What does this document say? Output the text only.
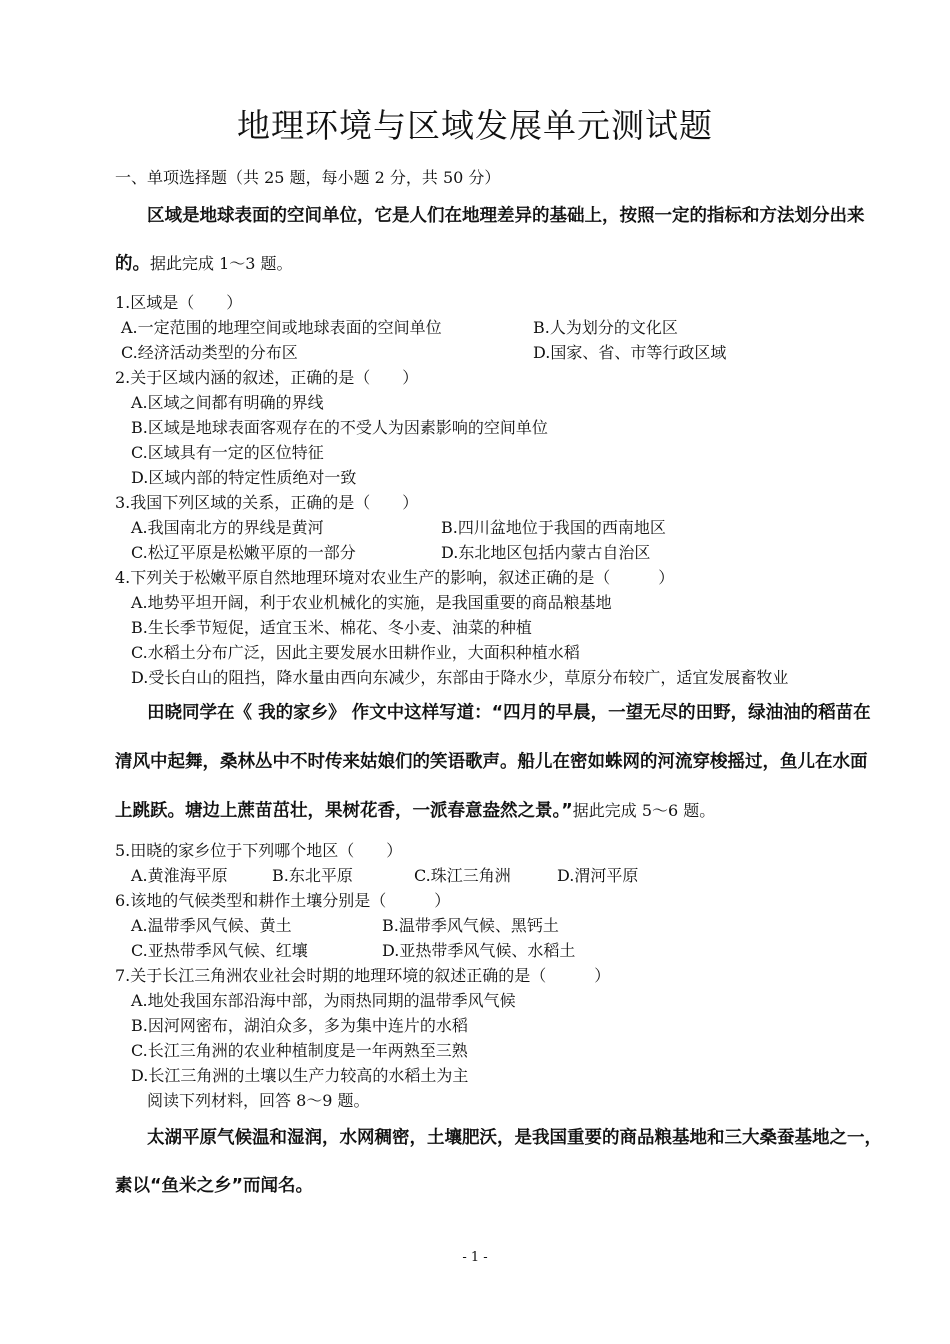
地理环境与区域发展单元测试题
一、单项选择题（共 25 题，每小题 2 分，共 50 分）
区域是地球表面的空间单位，它是人们在地理差异的基础上，按照一定的指标和方法划分出来
的。据此完成 1～3 题。
1.区域是（　　）
A.一定范围的地理空间或地球表面的空间单位	B.人为划分的文化区
C.经济活动类型的分布区	D.国家、省、市等行政区域
2.关于区域内涵的叙述，正确的是（　　）
A.区域之间都有明确的界线
B.区域是地球表面客观存在的不受人为因素影响的空间单位
C.区域具有一定的区位特征
D.区域内部的特定性质绝对一致
3.我国下列区域的关系，正确的是（　　）
A.我国南北方的界线是黄河	B.四川盆地位于我国的西南地区
C.松辽平原是松嫩平原的一部分	D.东北地区包括内蒙古自治区
4.下列关于松嫩平原自然地理环境对农业生产的影响，叙述正确的是（　　　）
A.地势平坦开阔，利于农业机械化的实施，是我国重要的商品粮基地
B.生长季节短促，适宜玉米、棉花、冬小麦、油菜的种植
C.水稻土分布广泛，因此主要发展水田耕作业，大面积种植水稻
D.受长白山的阻挡，降水量由西向东减少，东部由于降水少，草原分布较广，适宜发展畜牧业
田晓同学在《 我的家乡》 作文中这样写道：“四月的早晨，一望无尽的田野，绿油油的稻苗在
清风中起舞，桑林丛中不时传来姑娘们的笑语歌声。船儿在密如蛛网的河流穿梭摇过，鱼儿在水面
上跳跃。塘边上蔗苗茁壮，果树花香，一派春意盎然之景。”据此完成 5～6 题。
5.田晓的家乡位于下列哪个地区（　　）
A.黄淮海平原	B.东北平原	C.珠江三角洲	D.渭河平原
6.该地的气候类型和耕作土壤分别是（　　　）
A.温带季风气候、黄土	B.温带季风气候、黑钙土
C.亚热带季风气候、红壤	D.亚热带季风气候、水稻土
7.关于长江三角洲农业社会时期的地理环境的叙述正确的是（　　　）
A.地处我国东部沿海中部，为雨热同期的温带季风气候
B.因河网密布，湖泊众多，多为集中连片的水稻
C.长江三角洲的农业种植制度是一年两熟至三熟
D.长江三角洲的土壤以生产力较高的水稻土为主
阅读下列材料，回答 8～9 题。
太湖平原气候温和湿润，水网稠密，土壤肥沃，是我国重要的商品粮基地和三大桑蚕基地之一，
素以“鱼米之乡”而闻名。
- 1 -
